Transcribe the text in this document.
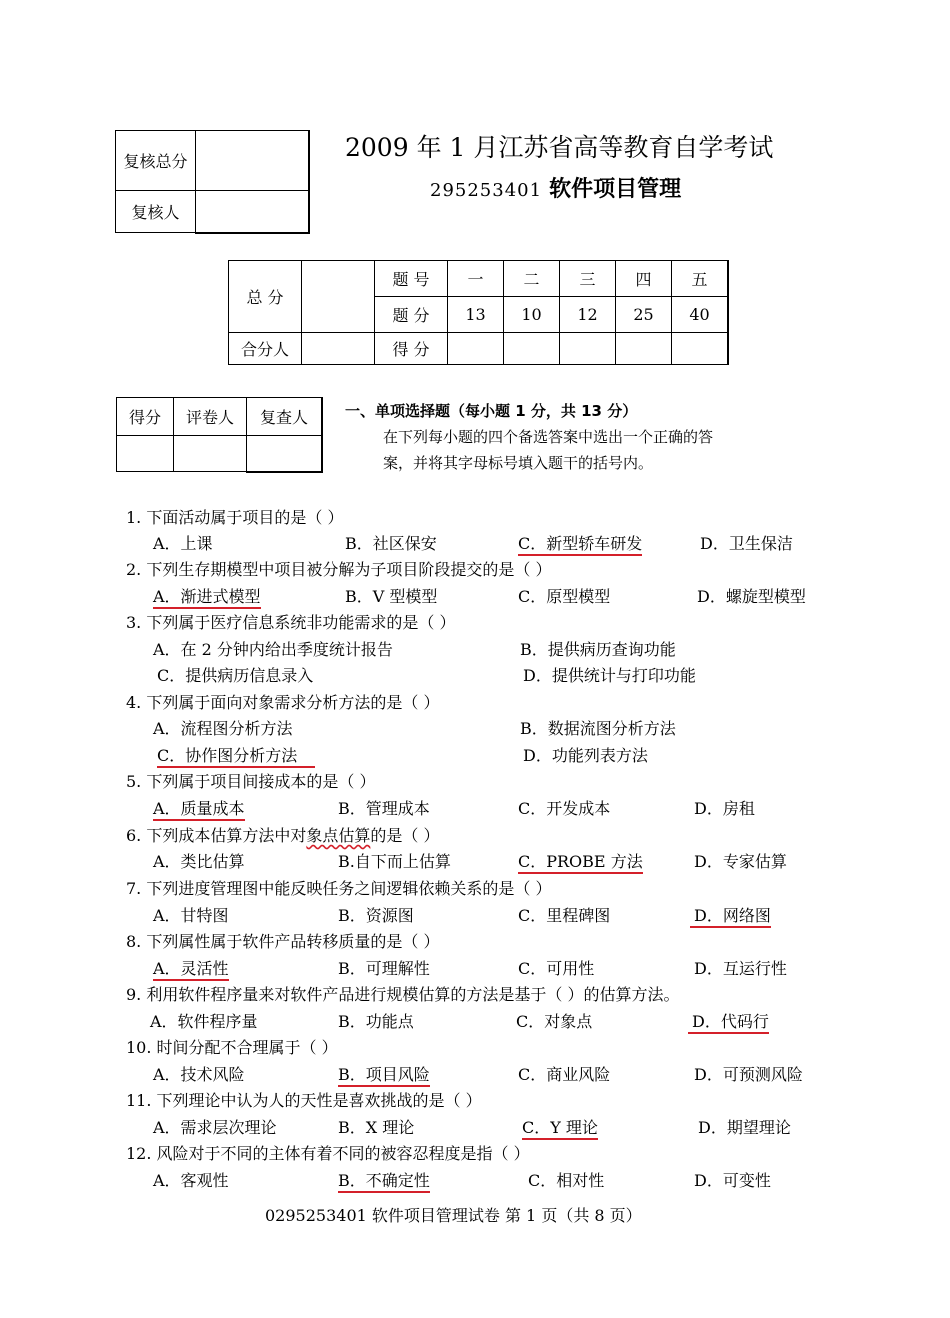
复核总分	
复核人	
2009 年 1 月江苏省高等教育自学考试
295253401 软件项目管理
总 分		题 号	一	二	三	四	五
		题 分	13	10	12	25	40
合分人		得 分					
得分	评卷人	复查人
		一、单项选择题（每小题 1 分，共 13 分）
在下列每小题的四个备选答案中选出一个正确的答
案，并将其字母标号填入题干的括号内。
1. 下面活动属于项目的是（ ）
A．上课	B．社区保安	C．新型轿车研发	D．卫生保洁
2. 下列生存期模型中项目被分解为子项目阶段提交的是（ ）
A．渐进式模型	B．V 型模型	C．原型模型	D．螺旋型模型
3. 下列属于医疗信息系统非功能需求的是（ ）
A．在 2 分钟内给出季度统计报告	B．提供病历查询功能
C．提供病历信息录入	D．提供统计与打印功能
4. 下列属于面向对象需求分析方法的是（ ）
A．流程图分析方法	B．数据流图分析方法
C．协作图分析方法	D．功能列表方法
5. 下列属于项目间接成本的是（ ）
A．质量成本	B．管理成本	C．开发成本	D．房租
6. 下列成本估算方法中对象点估算的是（ ）
A．类比估算	B.自下而上估算	C．PROBE 方法	D．专家估算
7. 下列进度管理图中能反映任务之间逻辑依赖关系的是（ ）
A．甘特图	B．资源图	C．里程碑图	D．网络图
8. 下列属性属于软件产品转移质量的是（ ）
A．灵活性	B．可理解性	C．可用性	D．互运行性
9. 利用软件程序量来对软件产品进行规模估算的方法是基于（ ）的估算方法。
A．软件程序量	B．功能点	C．对象点	D．代码行
10. 时间分配不合理属于（ ）
A．技术风险	B．项目风险	C．商业风险	D．可预测风险
11. 下列理论中认为人的天性是喜欢挑战的是（ ）
A．需求层次理论	B．X 理论	C．Y 理论	D．期望理论
12. 风险对于不同的主体有着不同的被容忍程度是指（ ）
A．客观性	B．不确定性	C．相对性	D．可变性
0295253401 软件项目管理试卷 第 1 页（共 8 页）
